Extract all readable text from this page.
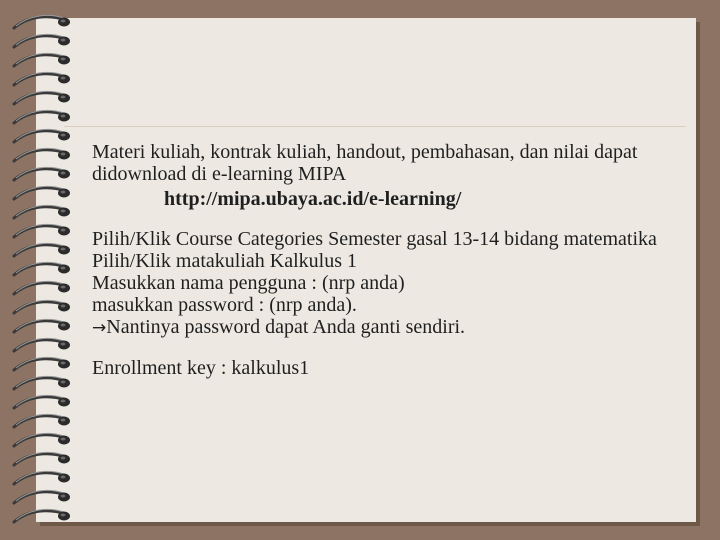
Materi kuliah, kontrak kuliah, handout, pembahasan, dan nilai dapat didownload di e-learning MIPA
http://mipa.ubaya.ac.id/e-learning/
Pilih/Klik Course Categories Semester gasal 13-14 bidang matematika
Pilih/Klik matakuliah Kalkulus 1
Masukkan nama pengguna : (nrp anda)
masukkan password : (nrp anda).
→Nantinya password dapat Anda ganti sendiri.
Enrollment key : kalkulus1
